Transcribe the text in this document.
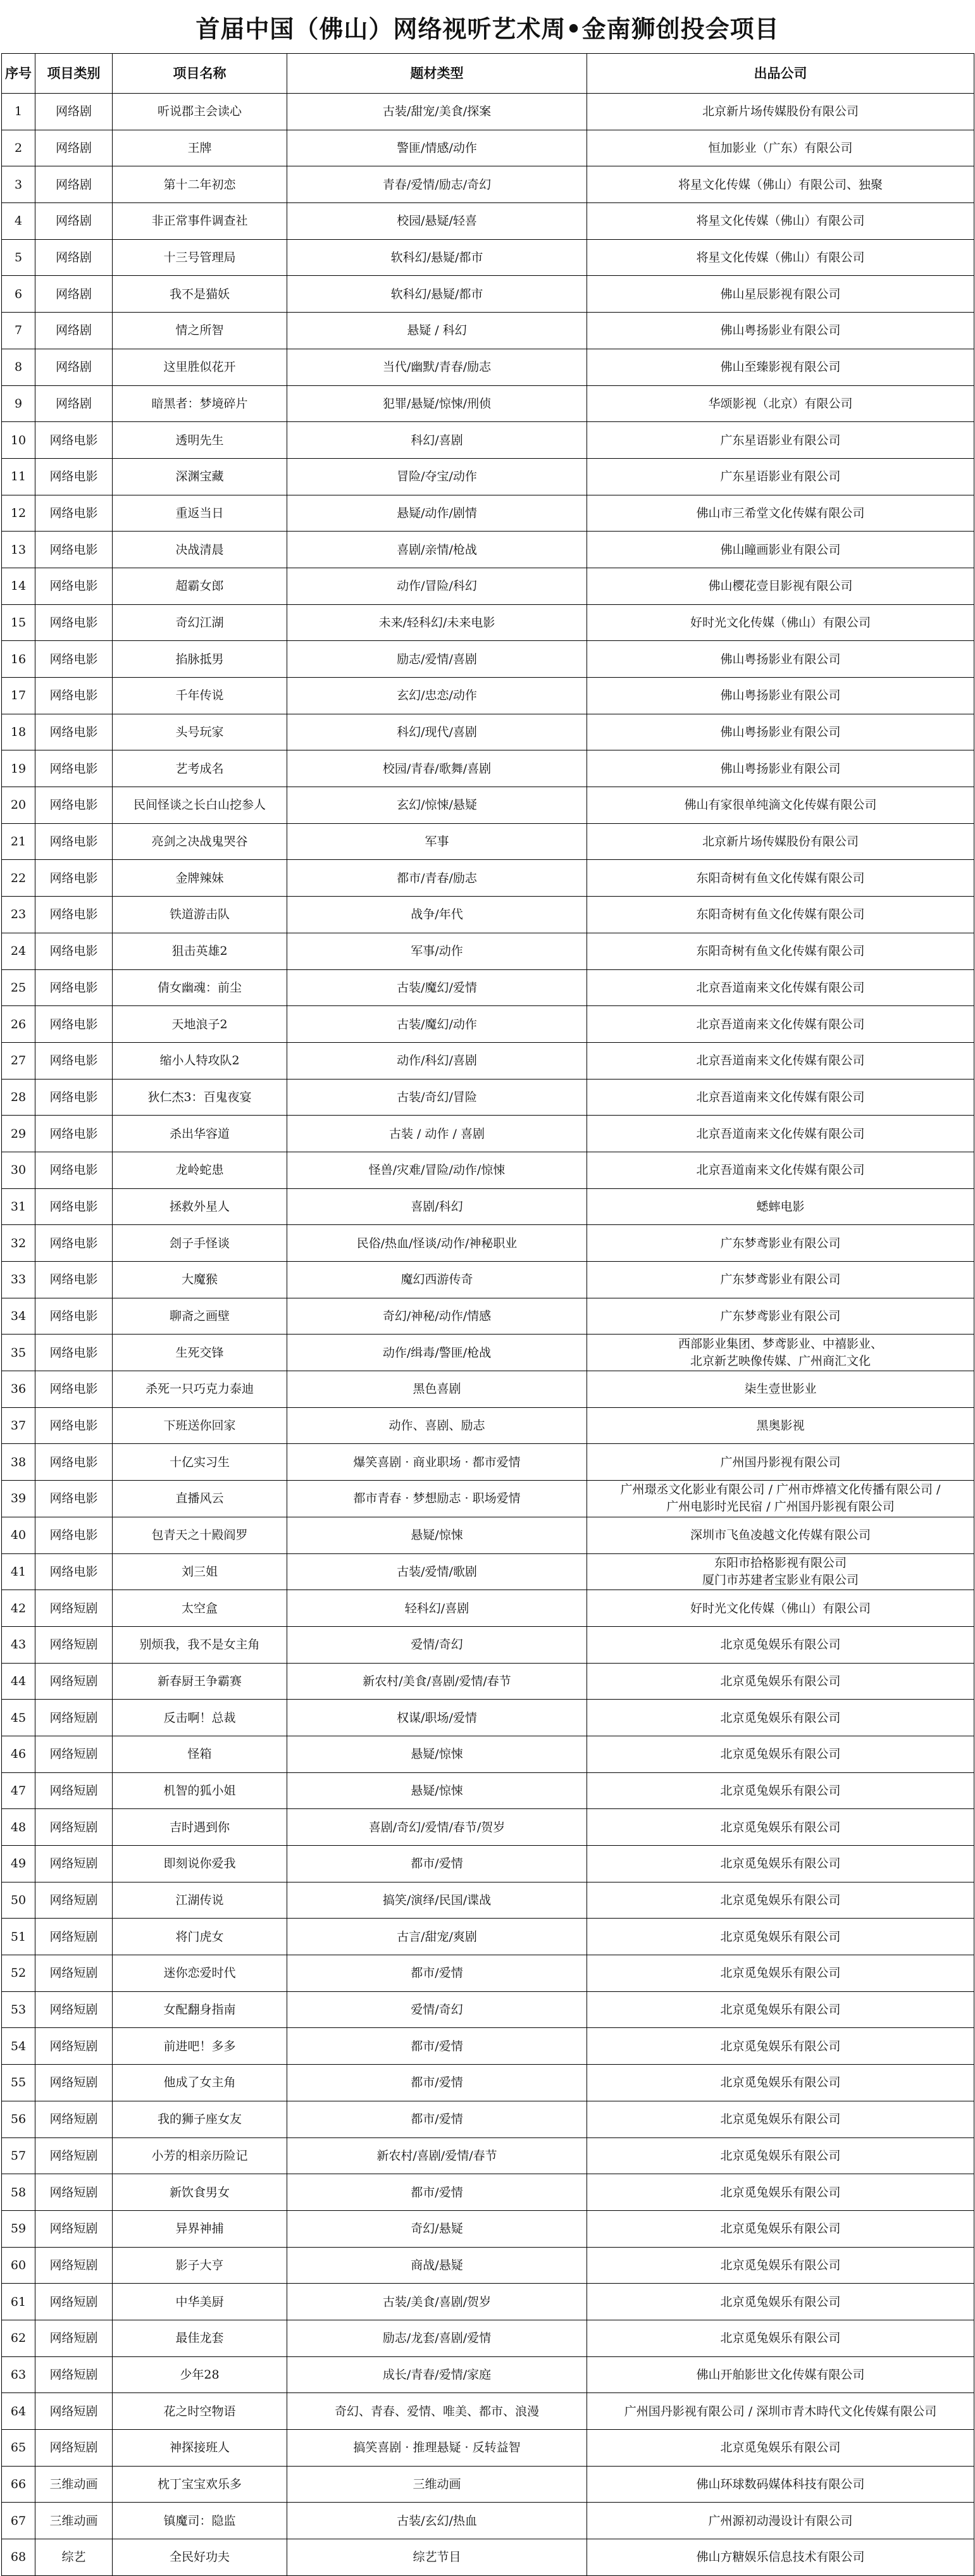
首届中国（佛山）网络视听艺术周•金南狮创投会项目
序号	项目类别	项目名称	题材类型	出品公司
1	网络剧	听说郡主会读心	古装/甜宠/美食/探案	北京新片场传媒股份有限公司
2	网络剧	王牌	警匪/情感/动作	恒加影业（广东）有限公司
3	网络剧	第十二年初恋	青春/爱情/励志/奇幻	将星文化传媒（佛山）有限公司、独聚
4	网络剧	非正常事件调查社	校园/悬疑/轻喜	将星文化传媒（佛山）有限公司
5	网络剧	十三号管理局	软科幻/悬疑/都市	将星文化传媒（佛山）有限公司
6	网络剧	我不是猫妖	软科幻/悬疑/都市	佛山星辰影视有限公司
7	网络剧	情之所智	悬疑 / 科幻	佛山粤扬影业有限公司
8	网络剧	这里胜似花开	当代/幽默/青春/励志	佛山至臻影视有限公司
9	网络剧	暗黑者：梦境碎片	犯罪/悬疑/惊悚/刑侦	华颂影视（北京）有限公司
10	网络电影	透明先生	科幻/喜剧	广东星语影业有限公司
11	网络电影	深渊宝藏	冒险/夺宝/动作	广东星语影业有限公司
12	网络电影	重返当日	悬疑/动作/剧情	佛山市三希堂文化传媒有限公司
13	网络电影	决战清晨	喜剧/亲情/枪战	佛山瞳画影业有限公司
14	网络电影	超霸女郎	动作/冒险/科幻	佛山樱花壹目影视有限公司
15	网络电影	奇幻江湖	未来/轻科幻/未来电影	好时光文化传媒（佛山）有限公司
16	网络电影	掐脉抵男	励志/爱情/喜剧	佛山粤扬影业有限公司
17	网络电影	千年传说	玄幻/忠恋/动作	佛山粤扬影业有限公司
18	网络电影	头号玩家	科幻/现代/喜剧	佛山粤扬影业有限公司
19	网络电影	艺考成名	校园/青春/歌舞/喜剧	佛山粤扬影业有限公司
20	网络电影	民间怪谈之长白山挖参人	玄幻/惊悚/悬疑	佛山有家很单纯滴文化传媒有限公司
21	网络电影	亮剑之决战鬼哭谷	军事	北京新片场传媒股份有限公司
22	网络电影	金牌辣妹	都市/青春/励志	东阳奇树有鱼文化传媒有限公司
23	网络电影	铁道游击队	战争/年代	东阳奇树有鱼文化传媒有限公司
24	网络电影	狙击英雄2	军事/动作	东阳奇树有鱼文化传媒有限公司
25	网络电影	倩女幽魂：前尘	古装/魔幻/爱情	北京吾道南来文化传媒有限公司
26	网络电影	天地浪子2	古装/魔幻/动作	北京吾道南来文化传媒有限公司
27	网络电影	缩小人特攻队2	动作/科幻/喜剧	北京吾道南来文化传媒有限公司
28	网络电影	狄仁杰3：百鬼夜宴	古装/奇幻/冒险	北京吾道南来文化传媒有限公司
29	网络电影	杀出华容道	古装 / 动作 / 喜剧	北京吾道南来文化传媒有限公司
30	网络电影	龙岭蛇患	怪兽/灾难/冒险/动作/惊悚	北京吾道南来文化传媒有限公司
31	网络电影	拯救外星人	喜剧/科幻	蟋蟀电影
32	网络电影	刽子手怪谈	民俗/热血/怪谈/动作/神秘职业	广东梦鸢影业有限公司
33	网络电影	大魔猴	魔幻西游传奇	广东梦鸢影业有限公司
34	网络电影	聊斋之画壁	奇幻/神秘/动作/情感	广东梦鸢影业有限公司
35	网络电影	生死交锋	动作/缉毒/警匪/枪战	西部影业集团、梦鸢影业、中禧影业、
北京新艺映像传媒、广州商汇文化
36	网络电影	杀死一只巧克力泰迪	黑色喜剧	柒生壹世影业
37	网络电影	下班送你回家	动作、喜剧、励志	黑奥影视
38	网络电影	十亿实习生	爆笑喜剧 · 商业职场 · 都市爱情	广州国丹影视有限公司
39	网络电影	直播风云	都市青春 · 梦想励志 · 职场爱情	广州璟丞文化影业有限公司 / 广州市烨禧文化传播有限公司 /
广州电影时光民宿 / 广州国丹影视有限公司
40	网络电影	包青天之十殿阎罗	悬疑/惊悚	深圳市飞鱼凌越文化传媒有限公司
41	网络电影	刘三姐	古装/爱情/歌剧	东阳市拾格影视有限公司
厦门市苏建者宝影业有限公司
42	网络短剧	太空盒	轻科幻/喜剧	好时光文化传媒（佛山）有限公司
43	网络短剧	别烦我，我不是女主角	爱情/奇幻	北京觅兔娱乐有限公司
44	网络短剧	新春厨王争霸赛	新农村/美食/喜剧/爱情/春节	北京觅兔娱乐有限公司
45	网络短剧	反击啊！总裁	权谋/职场/爱情	北京觅兔娱乐有限公司
46	网络短剧	怪箱	悬疑/惊悚	北京觅兔娱乐有限公司
47	网络短剧	机智的狐小姐	悬疑/惊悚	北京觅兔娱乐有限公司
48	网络短剧	吉时遇到你	喜剧/奇幻/爱情/春节/贺岁	北京觅兔娱乐有限公司
49	网络短剧	即刻说你爱我	都市/爱情	北京觅兔娱乐有限公司
50	网络短剧	江湖传说	搞笑/演绎/民国/谍战	北京觅兔娱乐有限公司
51	网络短剧	将门虎女	古言/甜宠/爽剧	北京觅兔娱乐有限公司
52	网络短剧	迷你恋爱时代	都市/爱情	北京觅兔娱乐有限公司
53	网络短剧	女配翻身指南	爱情/奇幻	北京觅兔娱乐有限公司
54	网络短剧	前进吧！多多	都市/爱情	北京觅兔娱乐有限公司
55	网络短剧	他成了女主角	都市/爱情	北京觅兔娱乐有限公司
56	网络短剧	我的狮子座女友	都市/爱情	北京觅兔娱乐有限公司
57	网络短剧	小芳的相亲历险记	新农村/喜剧/爱情/春节	北京觅兔娱乐有限公司
58	网络短剧	新饮食男女	都市/爱情	北京觅兔娱乐有限公司
59	网络短剧	异界神捕	奇幻/悬疑	北京觅兔娱乐有限公司
60	网络短剧	影子大亨	商战/悬疑	北京觅兔娱乐有限公司
61	网络短剧	中华美厨	古装/美食/喜剧/贺岁	北京觅兔娱乐有限公司
62	网络短剧	最佳龙套	励志/龙套/喜剧/爱情	北京觅兔娱乐有限公司
63	网络短剧	少年28	成长/青春/爱情/家庭	佛山开舶影世文化传媒有限公司
64	网络短剧	花之时空物语	奇幻、青春、爱情、唯美、都市、浪漫	广州国丹影视有限公司 / 深圳市青木時代文化传媒有限公司
65	网络短剧	神探接班人	搞笑喜剧 · 推理悬疑 · 反转益智	北京觅兔娱乐有限公司
66	三维动画	枕丁宝宝欢乐多	三维动画	佛山环球数码媒体科技有限公司
67	三维动画	镇魔司：隐监	古装/玄幻/热血	广州源初动漫设计有限公司
68	综艺	全民好功夫	综艺节目	佛山方糖娱乐信息技术有限公司
